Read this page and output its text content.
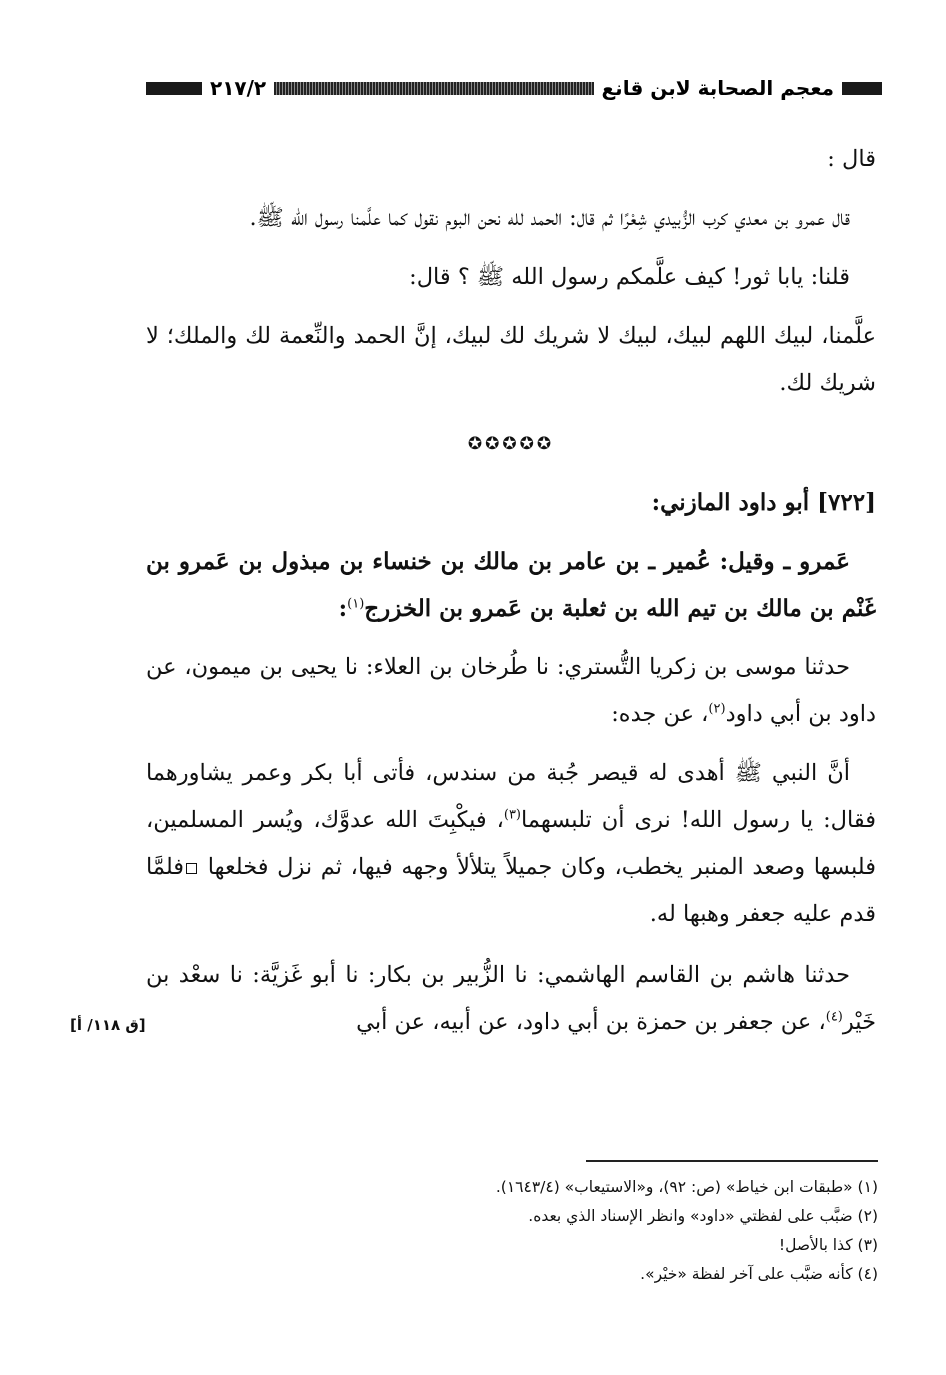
معجم الصحابة لابن قانع
٢١٧/٢

قال :

قال عمرو بن معدي كرب الزُّبيدي شِعْرًا ثم قال: الحمد لله نحن البوم نقول كما علَّمنا رسول الله ﷺ.

قلنا: يابا ثور! كيف علَّمكم رسول الله ﷺ ؟ قال:

علَّمنا، لبيك اللهم لبيك، لبيك لا شريك لك لبيك، إنَّ الحمد والنِّعمة لك والملك؛ لا شريك لك.

✪✪✪✪✪

[٧٢٢] أبو داود المازني:

عَمرو ـ وقيل: عُمير ـ بن عامر بن مالك بن خنساء بن مبذول بن عَمرو بن غَنْم بن مالك بن تيم الله بن ثعلبة بن عَمرو بن الخزرج$^{(١)}$:

حدثنا موسى بن زكريا التُّستري: نا طُرخان بن العلاء: نا يحيى بن ميمون، عن داود بن أبي داود$^{(٢)}$، عن جده:

أنَّ النبي ﷺ أهدى له قيصر جُبة من سندس، فأتى أبا بكر وعمر يشاورهما فقال: يا رسول الله! نرى أن تلبسهما$^{(٣)}$، فيكْبِتَ الله عدوَّك، ويُسر المسلمين، فلبسها وصعد المنبر يخطب، وكان جميلاً يتلألأ وجهه فيها، ثم نزل فخلعها فلمَّا قدم عليه جعفر وهبها له.

حدثنا هاشم بن القاسم الهاشمي: نا الزُّبير بن بكار: نا أبو غَزيَّة: نا سعْد بن خَيْر$^{(٤)}$، عن جعفر بن حمزة بن أبي داود، عن أبيه، عن أبي

[ق ١١٨/ أ]

(١) «طبقات ابن خياط» (ص: ٩٢)، و«الاستيعاب» (١٦٤٣/٤).

(٢) ضبَّب على لفظتي «داود» وانظر الإسناد الذي بعده.

(٣) كذا بالأصل!

(٤) كأنه ضبَّب على آخر لفظة «خيْر».
